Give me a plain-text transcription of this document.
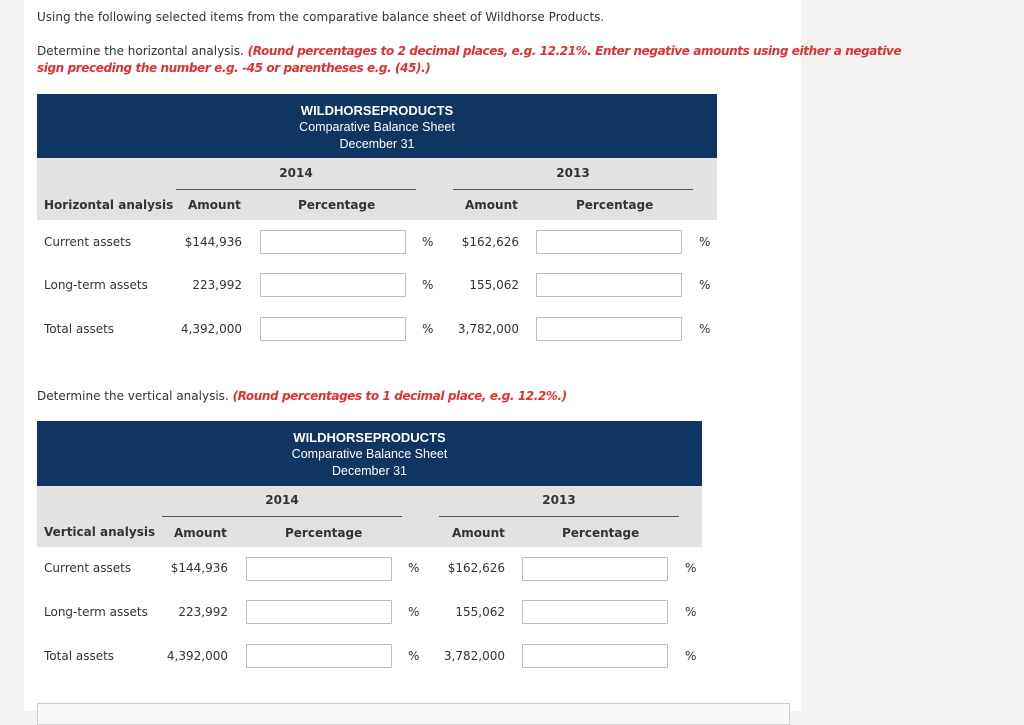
Using the following selected items from the comparative balance sheet of Wildhorse Products.
Determine the horizontal analysis. (Round percentages to 2 decimal places, e.g. 12.21%. Enter negative amounts using either a negative
sign preceding the number e.g. -45 or parentheses e.g. (45).)
WILDHORSEPRODUCTS
Comparative Balance Sheet
December 31
2014	2013
Horizontal analysis Amount	Percentage	Amount	Percentage
Current assets	$144,936	%	$162,626	%
Long-term assets	223,992	%	155,062	%
Total assets	4,392,000	%	3,782,000	%
Determine the vertical analysis. (Round percentages to 1 decimal place, e.g. 12.2%.)
WILDHORSEPRODUCTS
Comparative Balance Sheet
December 31
2014	2013
Vertical analysis Amount	Percentage	Amount	Percentage
Current assets	$144,936	%	$162,626	%
Long-term assets	223,992	%	155,062	%
Total assets	4,392,000	%	3,782,000	%
